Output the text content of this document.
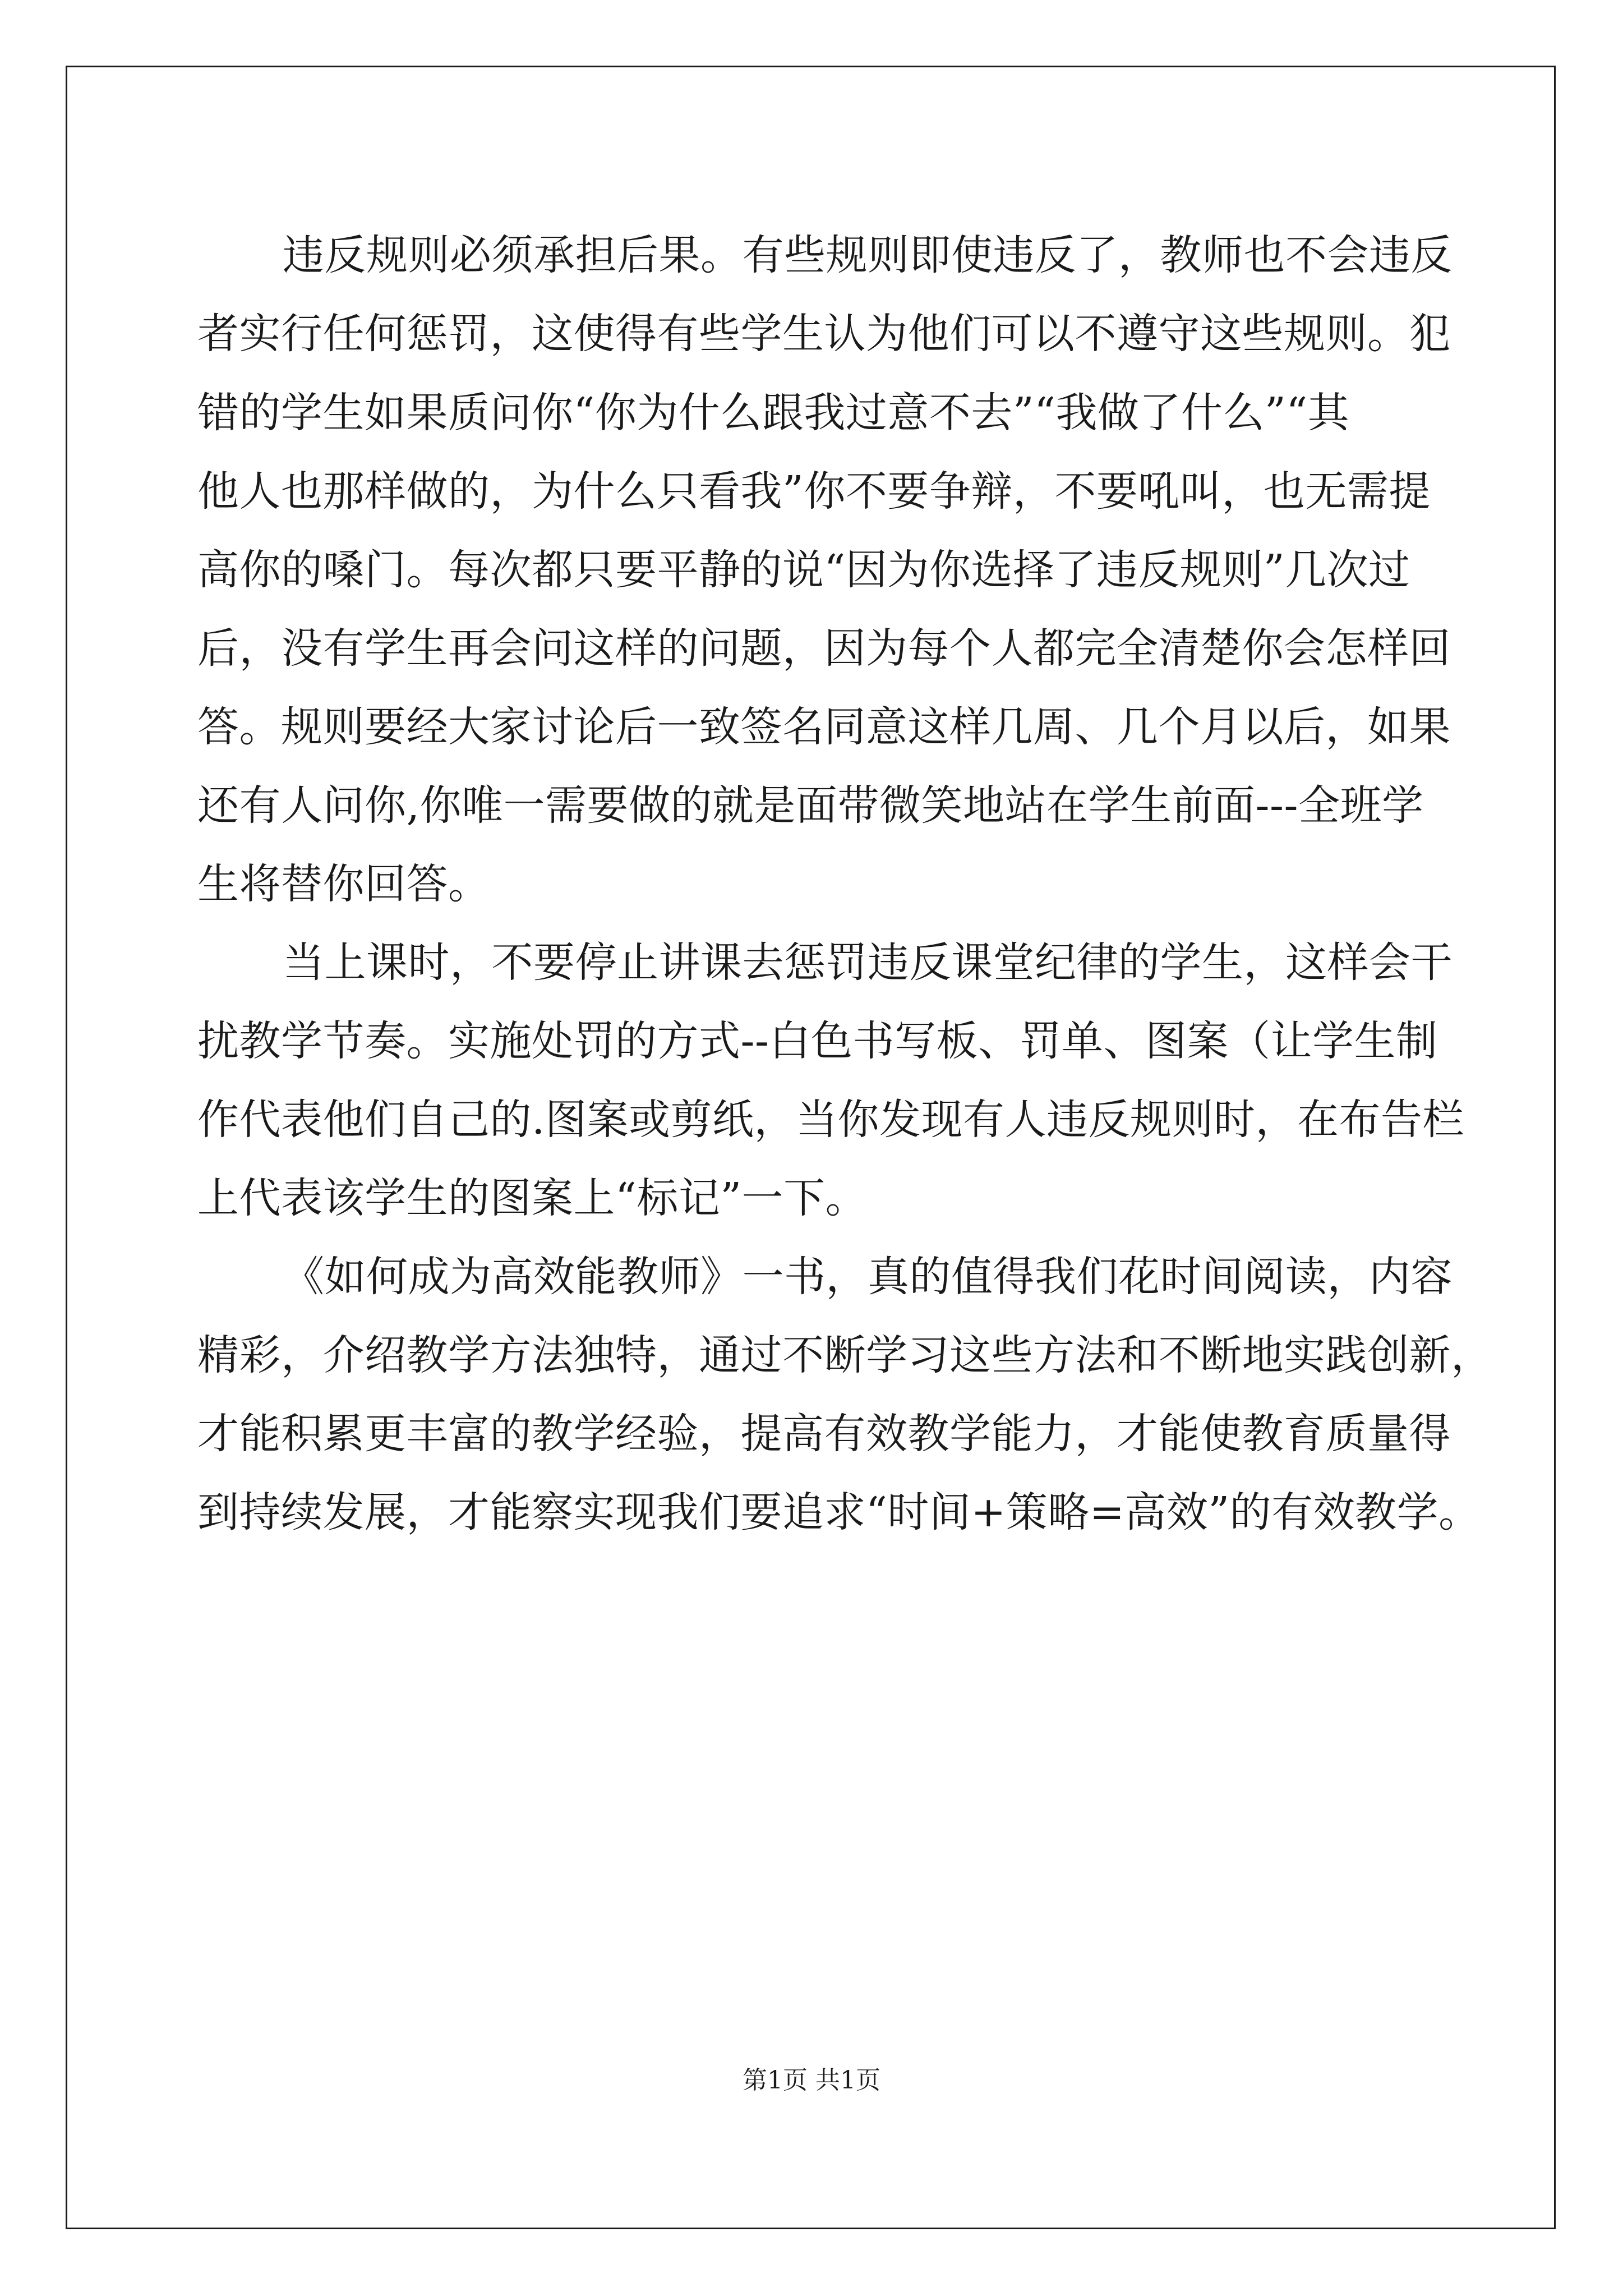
违反规则必须承担后果。有些规则即使违反了，教师也不会违反

者实行任何惩罚，这使得有些学生认为他们可以不遵守这些规则。犯

错的学生如果质问你“你为什么跟我过意不去”“我做了什么”“其

他人也那样做的，为什么只看我”你不要争辩，不要吼叫，也无需提

高你的嗓门。每次都只要平静的说“因为你选择了违反规则”几次过

后，没有学生再会问这样的问题，因为每个人都完全清楚你会怎样回

答。规则要经大家讨论后一致签名同意这样几周、几个月以后，如果

还有人问你,你唯一需要做的就是面带微笑地站在学生前面---全班学

生将替你回答。

当上课时，不要停止讲课去惩罚违反课堂纪律的学生，这样会干

扰教学节奏。实施处罚的方式--白色书写板、罚单、图案（让学生制

作代表他们自己的.图案或剪纸，当你发现有人违反规则时，在布告栏

上代表该学生的图案上“标记”一下。

《如何成为高效能教师》一书，真的值得我们花时间阅读，内容

精彩，介绍教学方法独特，通过不断学习这些方法和不断地实践创新，

才能积累更丰富的教学经验，提高有效教学能力，才能使教育质量得

到持续发展，才能察实现我们要追求“时间+策略=高效”的有效教学。

第1页 共1页
